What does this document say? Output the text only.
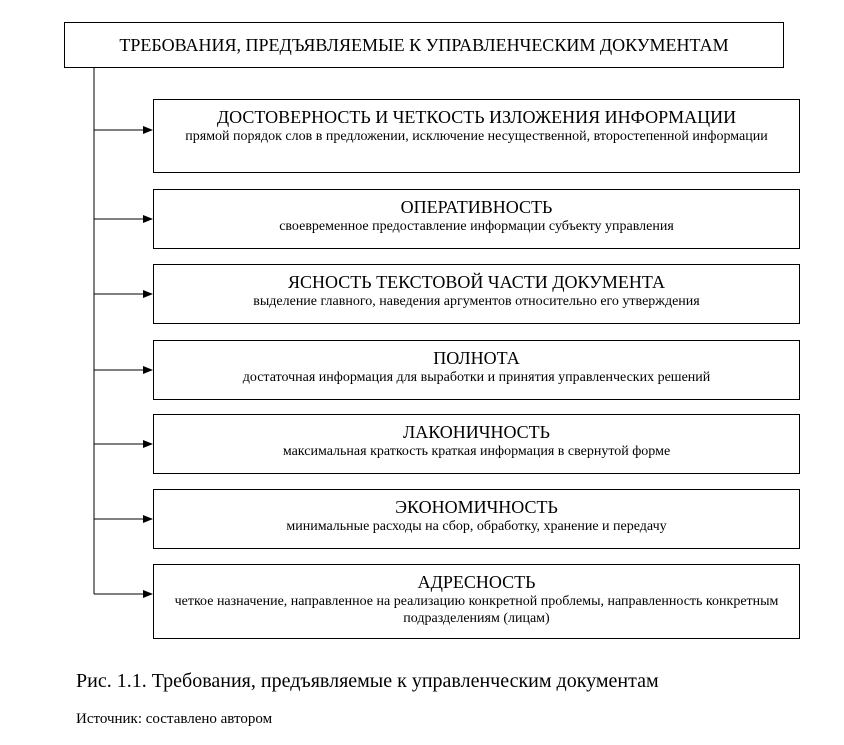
ТРЕБОВАНИЯ, ПРЕДЪЯВЛЯЕМЫЕ К УПРАВЛЕНЧЕСКИМ ДОКУМЕНТАМ
ДОСТОВЕРНОСТЬ И ЧЕТКОСТЬ ИЗЛОЖЕНИЯ ИНФОРМАЦИИ
прямой порядок слов в предложении, исключение несущественной, второстепенной информации
ОПЕРАТИВНОСТЬ
своевременное предоставление информации субъекту управления
ЯСНОСТЬ ТЕКСТОВОЙ ЧАСТИ ДОКУМЕНТА
выделение главного, наведения аргументов относительно его утверждения
ПОЛНОТА
достаточная информация для выработки и принятия управленческих решений
ЛАКОНИЧНОСТЬ
максимальная краткость краткая информация в свернутой форме
ЭКОНОМИЧНОСТЬ
минимальные расходы на сбор, обработку, хранение и передачу
АДРЕСНОСТЬ
четкое назначение, направленное на реализацию конкретной проблемы, направленность конкретным подразделениям (лицам)
Рис. 1.1. Требования, предъявляемые к управленческим документам
Источник: составлено автором
